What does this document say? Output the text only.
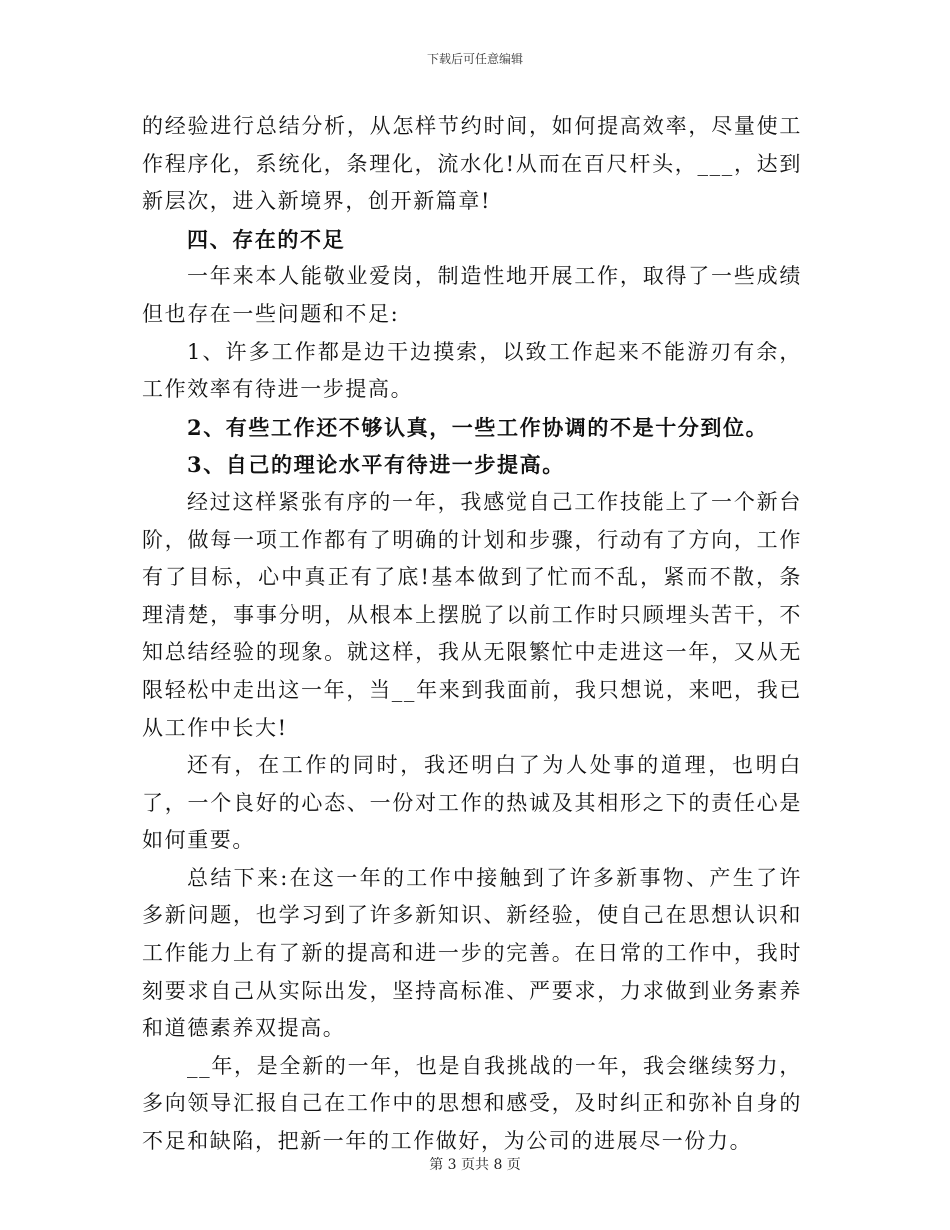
下载后可任意编辑

的经验进行总结分析，从怎样节约时间，如何提高效率，尽量使工作程序化，系统化，条理化，流水化!从而在百尺杆头，___，达到新层次，进入新境界，创开新篇章!

四、存在的不足

一年来本人能敬业爱岗，制造性地开展工作，取得了一些成绩但也存在一些问题和不足:

1、许多工作都是边干边摸索，以致工作起来不能游刃有余，工作效率有待进一步提高。

2、有些工作还不够认真，一些工作协调的不是十分到位。

3、自己的理论水平有待进一步提高。

经过这样紧张有序的一年，我感觉自己工作技能上了一个新台阶，做每一项工作都有了明确的计划和步骤，行动有了方向，工作有了目标，心中真正有了底!基本做到了忙而不乱，紧而不散，条理清楚，事事分明，从根本上摆脱了以前工作时只顾埋头苦干，不知总结经验的现象。就这样，我从无限繁忙中走进这一年，又从无限轻松中走出这一年，当__年来到我面前，我只想说，来吧，我已从工作中长大!

还有，在工作的同时，我还明白了为人处事的道理，也明白了，一个良好的心态、一份对工作的热诚及其相形之下的责任心是如何重要。

总结下来:在这一年的工作中接触到了许多新事物、产生了许多新问题，也学习到了许多新知识、新经验，使自己在思想认识和工作能力上有了新的提高和进一步的完善。在日常的工作中，我时刻要求自己从实际出发，坚持高标准、严要求，力求做到业务素养和道德素养双提高。

__年，是全新的一年，也是自我挑战的一年，我会继续努力，多向领导汇报自己在工作中的思想和感受，及时纠正和弥补自身的不足和缺陷，把新一年的工作做好，为公司的进展尽一份力。

第 3 页共 8 页
